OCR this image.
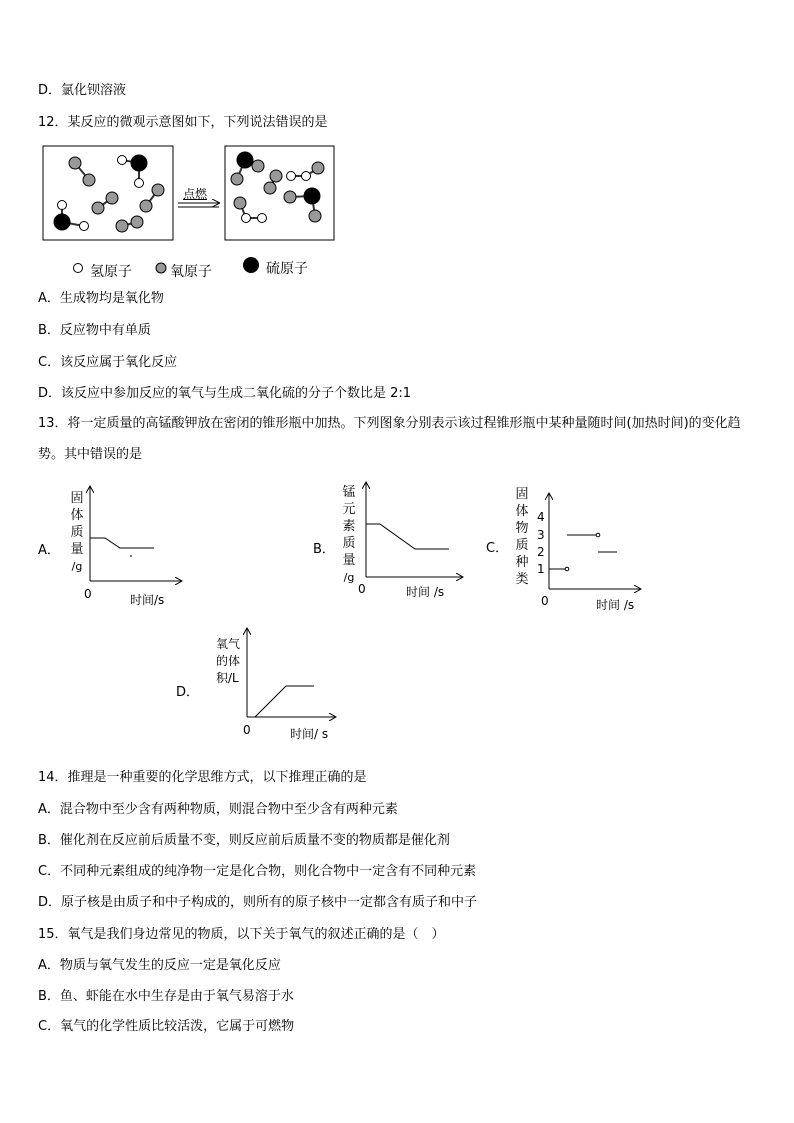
D．氯化钡溶液
12．某反应的微观示意图如下，下列说法错误的是
点燃
氢原子	氧原子	硫原子
A．生成物均是氧化物
B．反应物中有单质
C．该反应属于氧化反应
D．该反应中参加反应的氧气与生成二氧化硫的分子个数比是 2:1
13．将一定质量的高锰酸钾放在密闭的锥形瓶中加热。下列图象分别表示该过程锥形瓶中某种量随时间(加热时间)的变化趋势。其中错误的是
A．
固
体
质
量
/g
0	时间/s
B．
锰
元
素
质
量
/g
0	时间 /s
C．
固
体
物
质
种
类
4
3
2
1
0	时间 /s
D．
氧气
的体
积/L
0	时间/ s
14．推理是一种重要的化学思维方式，以下推理正确的是
A．混合物中至少含有两种物质，则混合物中至少含有两种元素
B．催化剂在反应前后质量不变，则反应前后质量不变的物质都是催化剂
C．不同种元素组成的纯净物一定是化合物，则化合物中一定含有不同种元素
D．原子核是由质子和中子构成的，则所有的原子核中一定都含有质子和中子
15．氧气是我们身边常见的物质，以下关于氧气的叙述正确的是（　）
A．物质与氧气发生的反应一定是氧化反应
B．鱼、虾能在水中生存是由于氧气易溶于水
C．氧气的化学性质比较活泼，它属于可燃物
